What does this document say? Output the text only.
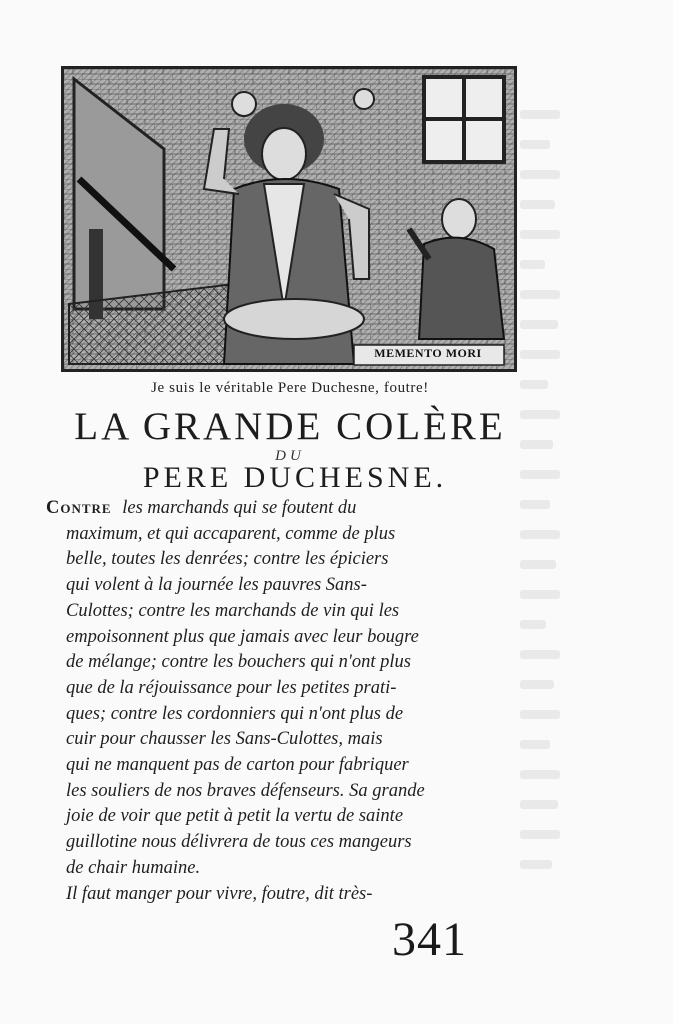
MEMENTO MORI
Je suis le véritable Pere Duchesne, foutre!
LA GRANDE COLÈRE
DU
PERE DUCHESNE.
Contre les marchands qui se foutent du
maximum, et qui accaparent, comme de plus
belle, toutes les denrées; contre les épiciers
qui volent à la journée les pauvres Sans-
Culottes; contre les marchands de vin qui les
empoisonnent plus que jamais avec leur bougre
de mélange; contre les bouchers qui n'ont plus
que de la réjouissance pour les petites prati-
ques; contre les cordonniers qui n'ont plus de
cuir pour chausser les Sans-Culottes, mais
qui ne manquent pas de carton pour fabriquer
les souliers de nos braves défenseurs. Sa grande
joie de voir que petit à petit la vertu de sainte
guillotine nous délivrera de tous ces mangeurs
de chair humaine.
Il faut manger pour vivre, foutre, dit très-
341
